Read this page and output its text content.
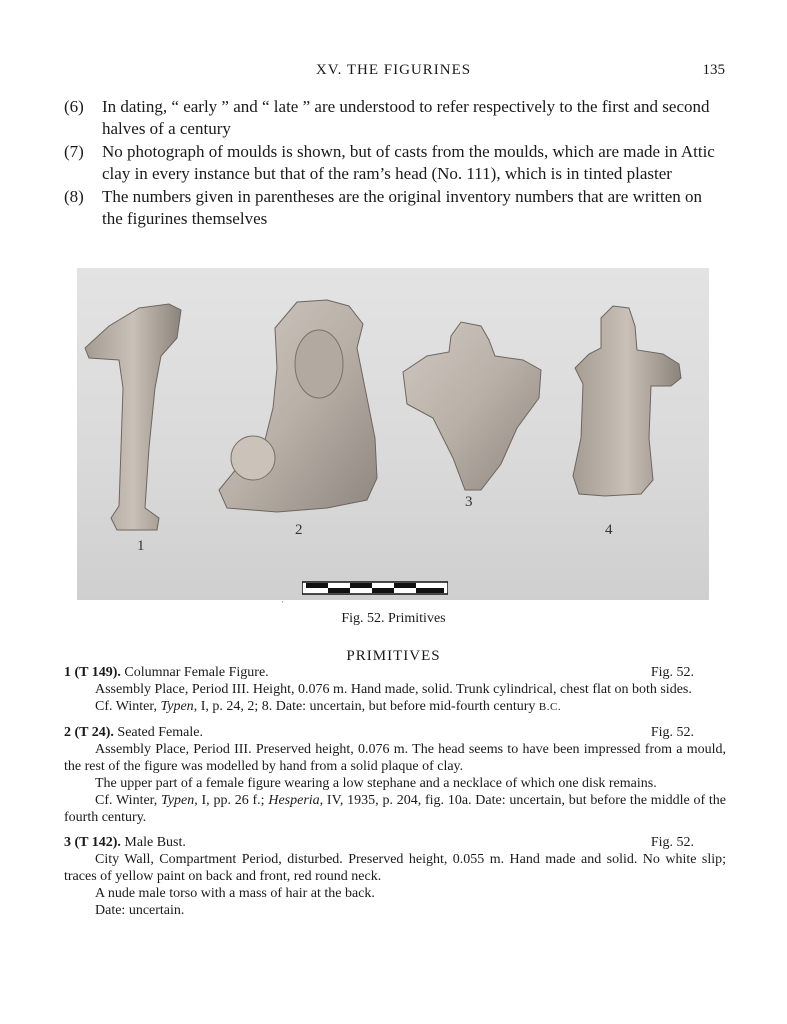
XV. THE FIGURINES	135
(6)	In dating, “ early ” and “ late ” are understood to refer respectively to the first and second halves of a century
(7)	No photograph of moulds is shown, but of casts from the moulds, which are made in Attic clay in every instance but that of the ram’s head (No. 111), which is in tinted plaster
(8)	The numbers given in parentheses are the original inventory numbers that are written on the figurines themselves
1
2
3
4
ˈ
Fig. 52. Primitives
PRIMITIVES
1 (T 149). Columnar Female Figure.	Fig. 52.
Assembly Place, Period III. Height, 0.076 m. Hand made, solid. Trunk cylindrical, chest flat on both sides.
Cf. Winter, Typen, I, p. 24, 2; 8. Date: uncertain, but before mid-fourth century B.C.
2 (T 24). Seated Female.	Fig. 52.
Assembly Place, Period III. Preserved height, 0.076 m. The head seems to have been impressed from a mould, the rest of the figure was modelled by hand from a solid plaque of clay.
The upper part of a female figure wearing a low stephane and a necklace of which one disk remains.
Cf. Winter, Typen, I, pp. 26 f.; Hesperia, IV, 1935, p. 204, fig. 10a. Date: uncertain, but before the middle of the fourth century.
3 (T 142). Male Bust.	Fig. 52.
City Wall, Compartment Period, disturbed. Preserved height, 0.055 m. Hand made and solid. No white slip; traces of yellow paint on back and front, red round neck.
A nude male torso with a mass of hair at the back.
Date: uncertain.
